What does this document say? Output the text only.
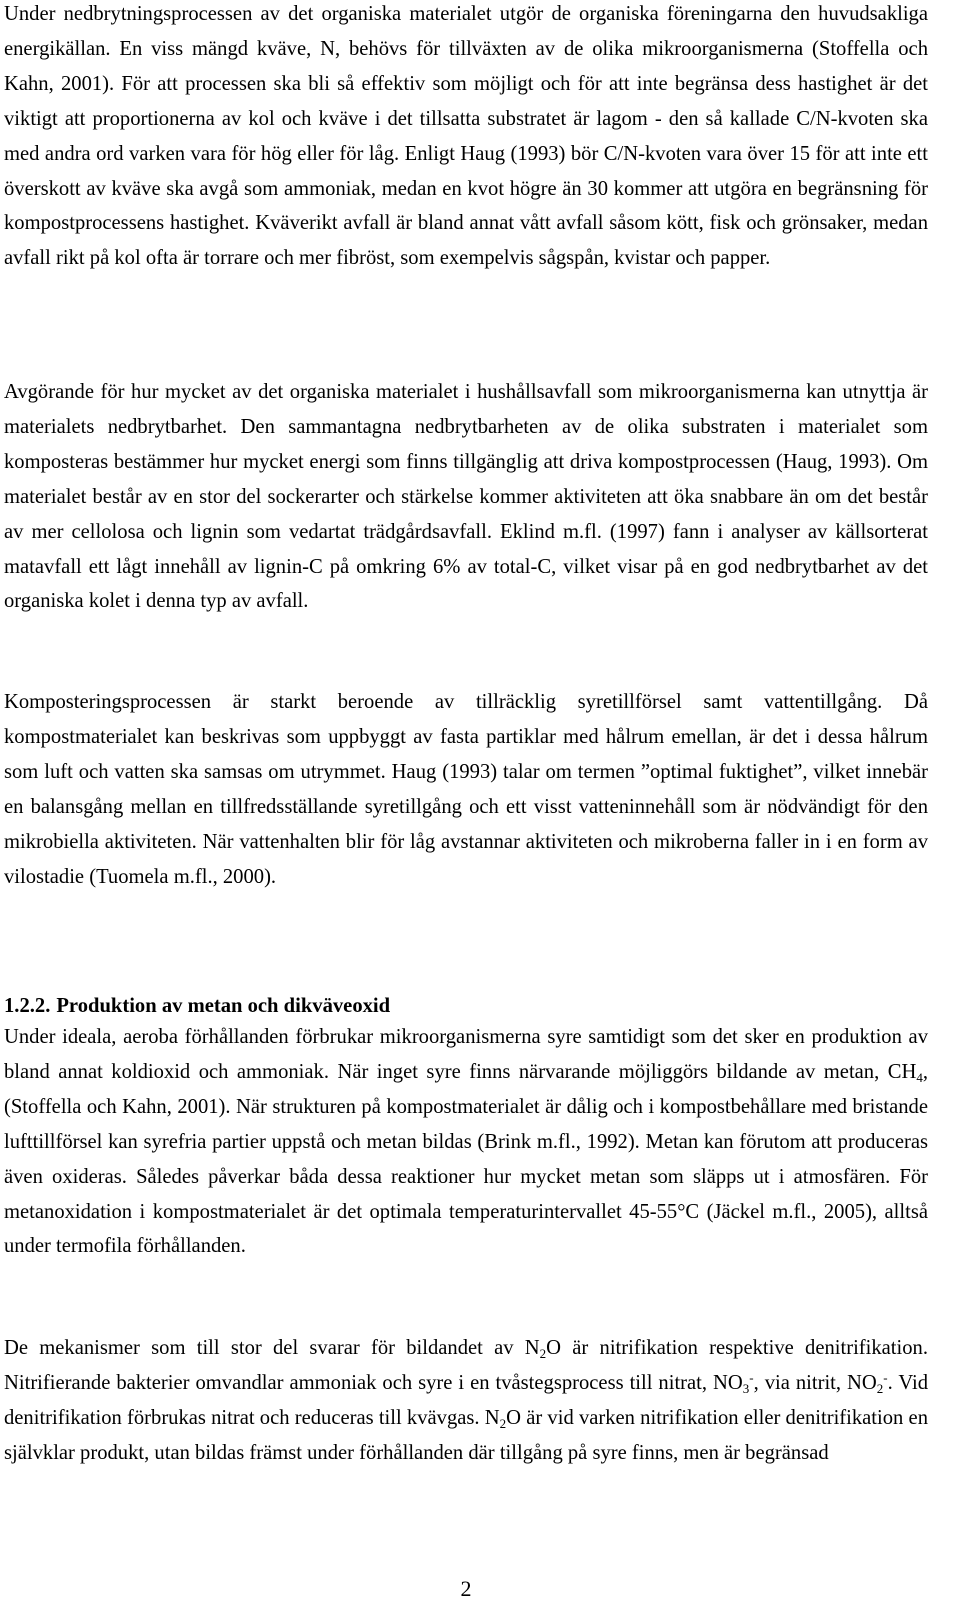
Under nedbrytningsprocessen av det organiska materialet utgör de organiska föreningarna den huvudsakliga energikällan. En viss mängd kväve, N, behövs för tillväxten av de olika mikroorganismerna (Stoffella och Kahn, 2001). För att processen ska bli så effektiv som möjligt och för att inte begränsa dess hastighet är det viktigt att proportionerna av kol och kväve i det tillsatta substratet är lagom - den så kallade C/N-kvoten ska med andra ord varken vara för hög eller för låg. Enligt Haug (1993) bör C/N-kvoten vara över 15 för att inte ett överskott av kväve ska avgå som ammoniak, medan en kvot högre än 30 kommer att utgöra en begränsning för kompostprocessens hastighet. Kväverikt avfall är bland annat vått avfall såsom kött, fisk och grönsaker, medan avfall rikt på kol ofta är torrare och mer fibröst, som exempelvis sågspån, kvistar och papper.

Avgörande för hur mycket av det organiska materialet i hushållsavfall som mikroorganismerna kan utnyttja är materialets nedbrytbarhet. Den sammantagna nedbrytbarheten av de olika substraten i materialet som komposteras bestämmer hur mycket energi som finns tillgänglig att driva kompostprocessen (Haug, 1993). Om materialet består av en stor del sockerarter och stärkelse kommer aktiviteten att öka snabbare än om det består av mer cellolosa och lignin som vedartat trädgårdsavfall. Eklind m.fl. (1997) fann i analyser av källsorterat matavfall ett lågt innehåll av lignin-C på omkring 6% av total-C, vilket visar på en god nedbrytbarhet av det organiska kolet i denna typ av avfall.

Komposteringsprocessen är starkt beroende av tillräcklig syretillförsel samt vattentillgång. Då kompostmaterialet kan beskrivas som uppbyggt av fasta partiklar med hålrum emellan, är det i dessa hålrum som luft och vatten ska samsas om utrymmet. Haug (1993) talar om termen ”optimal fuktighet”, vilket innebär en balansgång mellan en tillfredsställande syretillgång och ett visst vatteninnehåll som är nödvändigt för den mikrobiella aktiviteten. När vattenhalten blir för låg avstannar aktiviteten och mikroberna faller in i en form av vilostadie (Tuomela m.fl., 2000).

1.2.2. Produktion av metan och dikväveoxid

Under ideala, aeroba förhållanden förbrukar mikroorganismerna syre samtidigt som det sker en produktion av bland annat koldioxid och ammoniak. När inget syre finns närvarande möjliggörs bildande av metan, $CH_4$, (Stoffella och Kahn, 2001). När strukturen på kompostmaterialet är dålig och i kompostbehållare med bristande lufttillförsel kan syrefria partier uppstå och metan bildas (Brink m.fl., 1992). Metan kan förutom att produceras även oxideras. Således påverkar båda dessa reaktioner hur mycket metan som släpps ut i atmosfären. För metanoxidation i kompostmaterialet är det optimala temperaturintervallet 45-55°C (Jäckel m.fl., 2005), alltså under termofila förhållanden.

De mekanismer som till stor del svarar för bildandet av $N_2O$ är nitrifikation respektive denitrifikation. Nitrifierande bakterier omvandlar ammoniak och syre i en tvåstegsprocess till nitrat, $NO_3^-$, via nitrit, $NO_2^-$. Vid denitrifikation förbrukas nitrat och reduceras till kvävgas. $N_2O$ är vid varken nitrifikation eller denitrifikation en självklar produkt, utan bildas främst under förhållanden där tillgång på syre finns, men är begränsad

2
